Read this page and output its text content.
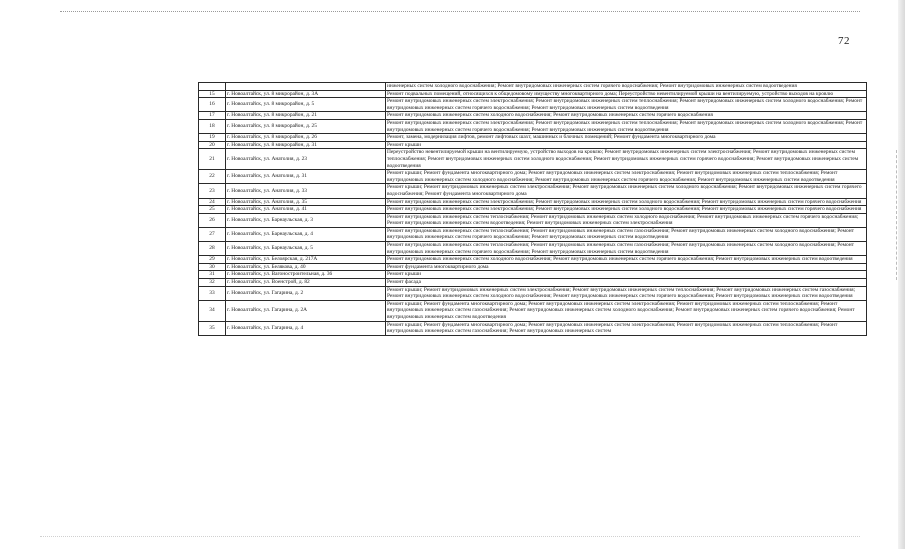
72
		инженерных систем холодного водоснабжения; Ремонт внутридомовых инженерных систем горячего водоснабжения; Ремонт внутридомовых инженерных систем водоотведения
15	г. Новоалтайск, ул. 8 микрорайон, д. 3А	Ремонт подвальных помещений, относящихся к общедомовому имуществу многоквартирного дома; Переустройство невентилируемой крыши на вентилируемую, устройство выходов на кровлю
16	г. Новоалтайск, ул. 8 микрорайон, д. 5	Ремонт внутридомовых инженерных систем электроснабжения; Ремонт внутридомовых инженерных систем теплоснабжения; Ремонт внутридомовых инженерных систем холодного водоснабжения; Ремонт внутридомовых инженерных систем горячего водоснабжения; Ремонт внутридомовых инженерных систем водоотведения
17	г. Новоалтайск, ул. 8 микрорайон, д. 21	Ремонт внутридомовых инженерных систем холодного водоснабжения; Ремонт внутридомовых инженерных систем горячего водоснабжения
18	г. Новоалтайск, ул. 8 микрорайон, д. 25	Ремонт внутридомовых инженерных систем электроснабжения; Ремонт внутридомовых инженерных систем теплоснабжения; Ремонт внутридомовых инженерных систем холодного водоснабжения; Ремонт внутридомовых инженерных систем горячего водоснабжения; Ремонт внутридомовых инженерных систем водоотведения
19	г. Новоалтайск, ул. 8 микрорайон, д. 26	Ремонт, замена, модернизация лифтов, ремонт лифтовых шахт, машинных и блочных помещений; Ремонт фундамента многоквартирного дома
20	г. Новоалтайск, ул. 8 микрорайон, д. 31	Ремонт крыши
21	г. Новоалтайск, ул. Анатолия, д. 23	Переустройство невентилируемой крыши на вентилируемую, устройство выходов на кровлю; Ремонт внутридомовых инженерных систем электроснабжения; Ремонт внутридомовых инженерных систем теплоснабжения; Ремонт внутридомовых инженерных систем холодного водоснабжения; Ремонт внутридомовых инженерных систем горячего водоснабжения; Ремонт внутридомовых инженерных систем водоотведения
22	г. Новоалтайск, ул. Анатолия, д. 31	Ремонт крыши; Ремонт фундамента многоквартирного дома; Ремонт внутридомовых инженерных систем электроснабжения; Ремонт внутридомовых инженерных систем теплоснабжения; Ремонт внутридомовых инженерных систем холодного водоснабжения; Ремонт внутридомовых инженерных систем горячего водоснабжения; Ремонт внутридомовых инженерных систем водоотведения
23	г. Новоалтайск, ул. Анатолия, д. 33	Ремонт крыши; Ремонт внутридомовых инженерных систем электроснабжения; Ремонт внутридомовых инженерных систем холодного водоснабжения; Ремонт внутридомовых инженерных систем горячего водоснабжения; Ремонт фундамента многоквартирного дома
24	г. Новоалтайск, ул. Анатолия, д. 35	Ремонт внутридомовых инженерных систем электроснабжения; Ремонт внутридомовых инженерных систем холодного водоснабжения; Ремонт внутридомовых инженерных систем горячего водоснабжения
25	г. Новоалтайск, ул. Анатолия, д. 41	Ремонт внутридомовых инженерных систем электроснабжения; Ремонт внутридомовых инженерных систем холодного водоснабжения; Ремонт внутридомовых инженерных систем горячего водоснабжения
26	г. Новоалтайск, ул. Барнаульская, д. 3	Ремонт внутридомовых инженерных систем теплоснабжения; Ремонт внутридомовых инженерных систем холодного водоснабжения; Ремонт внутридомовых инженерных систем горячего водоснабжения; Ремонт внутридомовых инженерных систем водоотведения; Ремонт внутридомовых инженерных систем электроснабжения
27	г. Новоалтайск, ул. Барнаульская, д. 4	Ремонт внутридомовых инженерных систем теплоснабжения; Ремонт внутридомовых инженерных систем газоснабжения; Ремонт внутридомовых инженерных систем холодного водоснабжения; Ремонт внутридомовых инженерных систем горячего водоснабжения; Ремонт внутридомовых инженерных систем водоотведения
28	г. Новоалтайск, ул. Барнаульская, д. 5	Ремонт внутридомовых инженерных систем теплоснабжения; Ремонт внутридомовых инженерных систем газоснабжения; Ремонт внутридомовых инженерных систем холодного водоснабжения; Ремонт внутридомовых инженерных систем горячего водоснабжения; Ремонт внутридомовых инженерных систем водоотведения
29	г. Новоалтайск, ул. Белоярская, д. 217А	Ремонт внутридомовых инженерных систем холодного водоснабжения; Ремонт внутридомовых инженерных систем горячего водоснабжения; Ремонт внутридомовых инженерных систем водоотведения
30	г. Новоалтайск, ул. Белякова, д. 40	Ремонт фундамента многоквартирного дома
31	г. Новоалтайск, ул. Вагоностроительная, д. 36	Ремонт крыши
32	г. Новоалтайск, ул. Военстрой, д. 82	Ремонт фасада
33	г. Новоалтайск, ул. Гагарина, д. 2	Ремонт крыши; Ремонт внутридомовых инженерных систем электроснабжения; Ремонт внутридомовых инженерных систем теплоснабжения; Ремонт внутридомовых инженерных систем газоснабжения; Ремонт внутридомовых инженерных систем холодного водоснабжения; Ремонт внутридомовых инженерных систем горячего водоснабжения; Ремонт внутридомовых инженерных систем водоотведения
34	г. Новоалтайск, ул. Гагарина, д. 2А	Ремонт крыши; Ремонт фундамента многоквартирного дома; Ремонт внутридомовых инженерных систем электроснабжения; Ремонт внутридомовых инженерных систем теплоснабжения; Ремонт внутридомовых инженерных систем газоснабжения; Ремонт внутридомовых инженерных систем холодного водоснабжения; Ремонт внутридомовых инженерных систем горячего водоснабжения; Ремонт внутридомовых инженерных систем водоотведения
35	г. Новоалтайск, ул. Гагарина, д. 4	Ремонт крыши; Ремонт фундамента многоквартирного дома; Ремонт внутридомовых инженерных систем электроснабжения; Ремонт внутридомовых инженерных систем теплоснабжения; Ремонт внутридомовых инженерных систем газоснабжения; Ремонт внутридомовых инженерных систем
